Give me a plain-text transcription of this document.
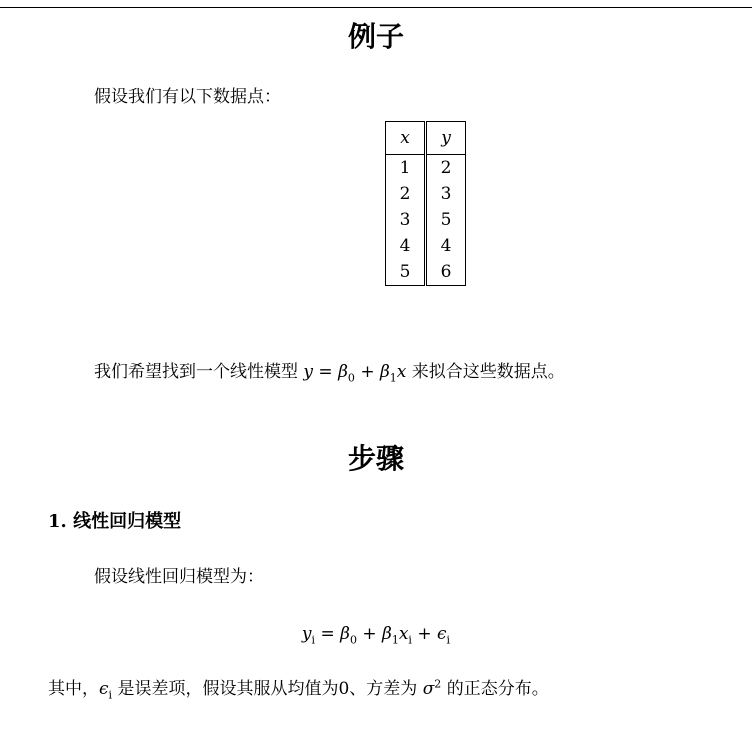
例子
假设我们有以下数据点：
x	y
1	2
2	3
3	5
4	4
5	6
我们希望找到一个线性模型 $y = \beta_0 + \beta_1x$ 来拟合这些数据点。
步骤
1. 线性回归模型
假设线性回归模型为：
$y_i = \beta_0 + \beta_1x_i + \epsilon_i$
其中，$\epsilon_i$ 是误差项，假设其服从均值为0、方差为 $\sigma^2$ 的正态分布。
